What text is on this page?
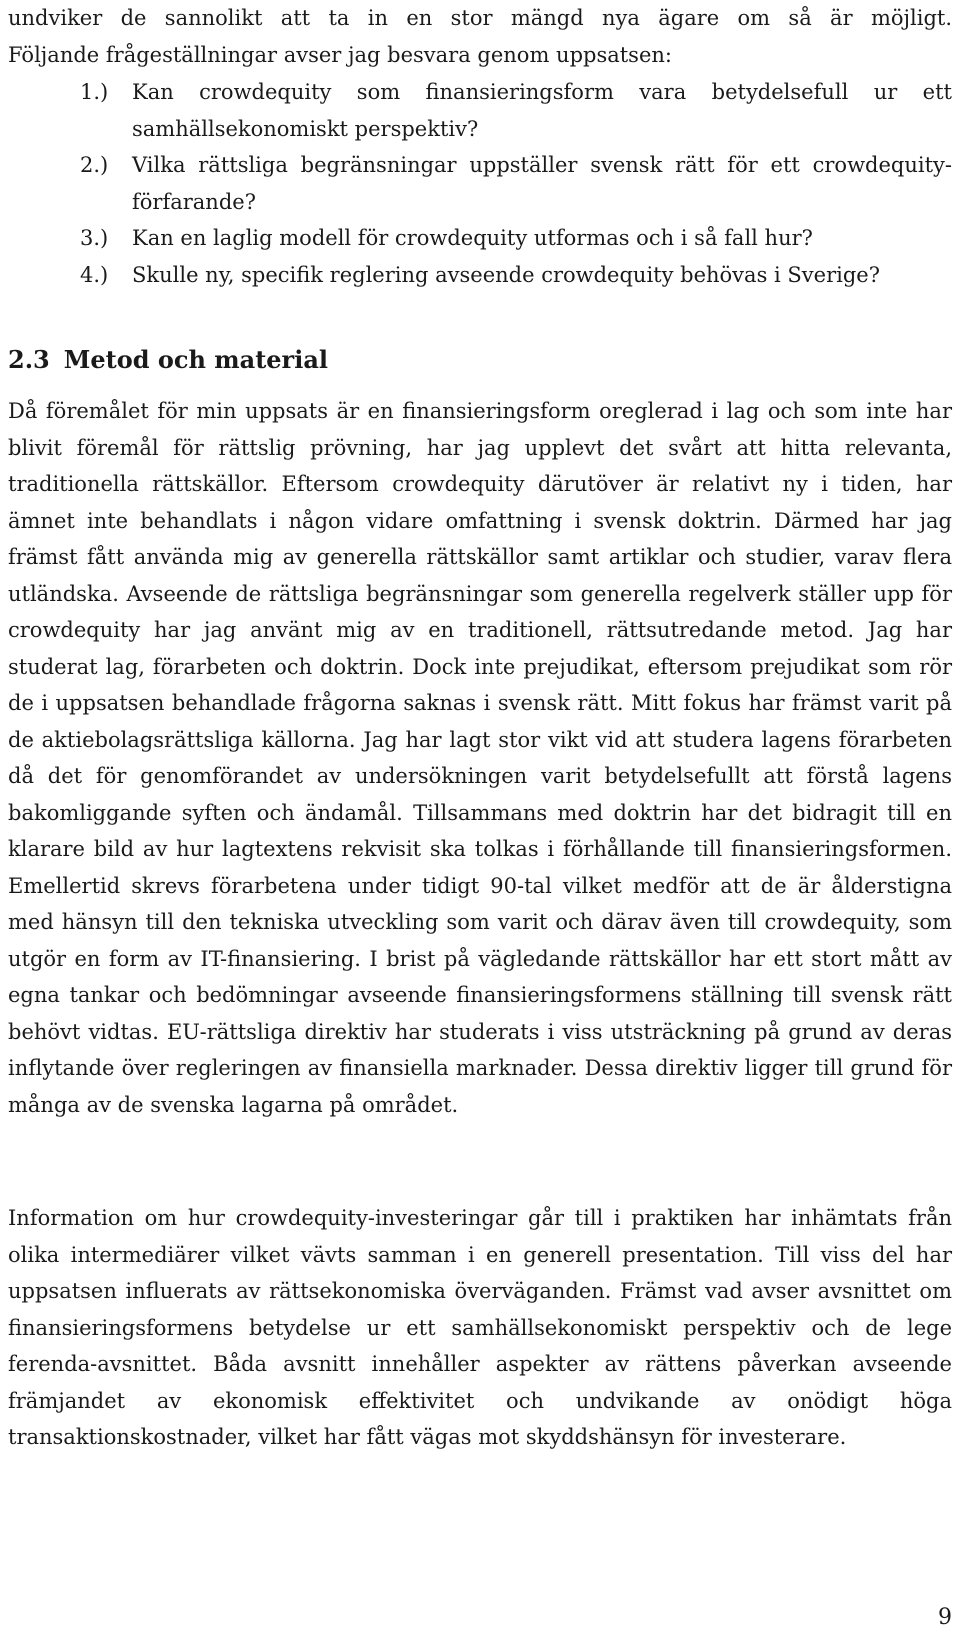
undviker de sannolikt att ta in en stor mängd nya ägare om så är möjligt.

Följande frågeställningar avser jag besvara genom uppsatsen:

1.) Kan crowdequity som finansieringsform vara betydelsefull ur ett samhällsekonomiskt perspektiv?
2.) Vilka rättsliga begränsningar uppställer svensk rätt för ett crowdequity-förfarande?
3.) Kan en laglig modell för crowdequity utformas och i så fall hur?
4.) Skulle ny, specifik reglering avseende crowdequity behövas i Sverige?
2.3 Metod och material

Då föremålet för min uppsats är en finansieringsform oreglerad i lag och som inte har blivit föremål för rättslig prövning, har jag upplevt det svårt att hitta relevanta, traditionella rättskällor. Eftersom crowdequity därutöver är relativt ny i tiden, har ämnet inte behandlats i någon vidare omfattning i svensk doktrin. Därmed har jag främst fått använda mig av generella rättskällor samt artiklar och studier, varav flera utländska. Avseende de rättsliga begränsningar som generella regelverk ställer upp för crowdequity har jag använt mig av en traditionell, rättsutredande metod. Jag har studerat lag, förarbeten och doktrin. Dock inte prejudikat, eftersom prejudikat som rör de i uppsatsen behandlade frågorna saknas i svensk rätt. Mitt fokus har främst varit på de aktiebolagsrättsliga källorna. Jag har lagt stor vikt vid att studera lagens förarbeten då det för genomförandet av undersökningen varit betydelsefullt att förstå lagens bakomliggande syften och ändamål. Tillsammans med doktrin har det bidragit till en klarare bild av hur lagtextens rekvisit ska tolkas i förhållande till finansieringsformen. Emellertid skrevs förarbetena under tidigt 90-tal vilket medför att de är ålderstigna med hänsyn till den tekniska utveckling som varit och därav även till crowdequity, som utgör en form av IT-finansiering. I brist på vägledande rättskällor har ett stort mått av egna tankar och bedömningar avseende finansieringsformens ställning till svensk rätt behövt vidtas. EU-rättsliga direktiv har studerats i viss utsträckning på grund av deras inflytande över regleringen av finansiella marknader. Dessa direktiv ligger till grund för många av de svenska lagarna på området.

Information om hur crowdequity-investeringar går till i praktiken har inhämtats från olika intermediärer vilket vävts samman i en generell presentation. Till viss del har uppsatsen influerats av rättsekonomiska överväganden. Främst vad avser avsnittet om finansieringsformens betydelse ur ett samhällsekonomiskt perspektiv och de lege ferenda-avsnittet. Båda avsnitt innehåller aspekter av rättens påverkan avseende främjandet av ekonomisk effektivitet och undvikande av onödigt höga transaktionskostnader, vilket har fått vägas mot skyddshänsyn för investerare.

9
